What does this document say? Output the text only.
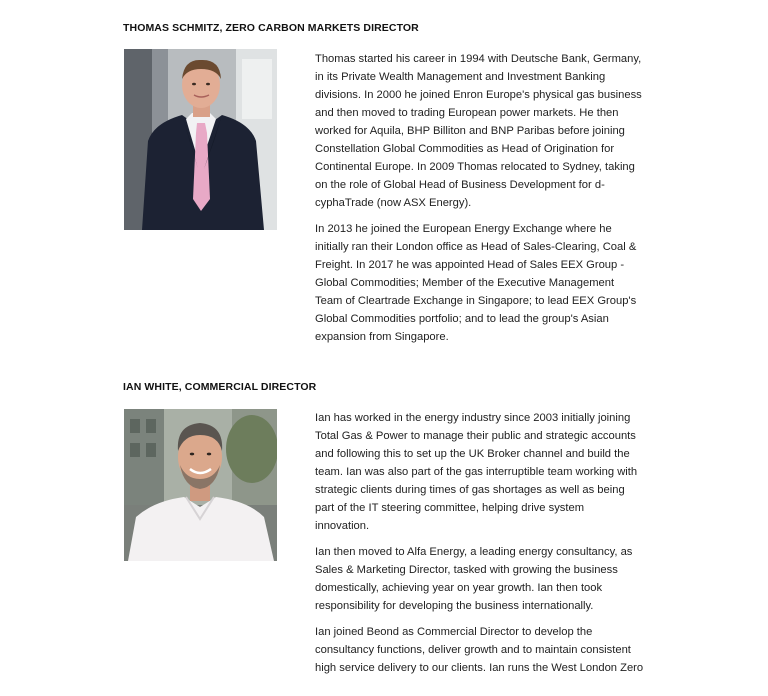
THOMAS SCHMITZ, ZERO CARBON MARKETS DIRECTOR

Thomas started his career in 1994 with Deutsche Bank, Germany,
in its Private Wealth Management and Investment Banking
divisions. In 2000 he joined Enron Europe's physical gas business
and then moved to trading European power markets. He then
worked for Aquila, BHP Billiton and BNP Paribas before joining
Constellation Global Commodities as Head of Origination for
Continental Europe. In 2009 Thomas relocated to Sydney, taking
on the role of Global Head of Business Development for d-
cyphaTrade (now ASX Energy).

In 2013 he joined the European Energy Exchange where he
initially ran their London office as Head of Sales-Clearing, Coal &
Freight. In 2017 he was appointed Head of Sales EEX Group -
Global Commodities; Member of the Executive Management
Team of Cleartrade Exchange in Singapore; to lead EEX Group's
Global Commodities portfolio; and to lead the group's Asian
expansion from Singapore.

IAN WHITE, COMMERCIAL DIRECTOR

Ian has worked in the energy industry since 2003 initially joining
Total Gas & Power to manage their public and strategic accounts
and following this to set up the UK Broker channel and build the
team. Ian was also part of the gas interruptible team working with
strategic clients during times of gas shortages as well as being
part of the IT steering committee, helping drive system
innovation.

Ian then moved to Alfa Energy, a leading energy consultancy, as
Sales & Marketing Director, tasked with growing the business
domestically, achieving year on year growth. Ian then took
responsibility for developing the business internationally.

Ian joined Beond as Commercial Director to develop the
consultancy functions, deliver growth and to maintain consistent
high service delivery to our clients. Ian runs the West London Zero
